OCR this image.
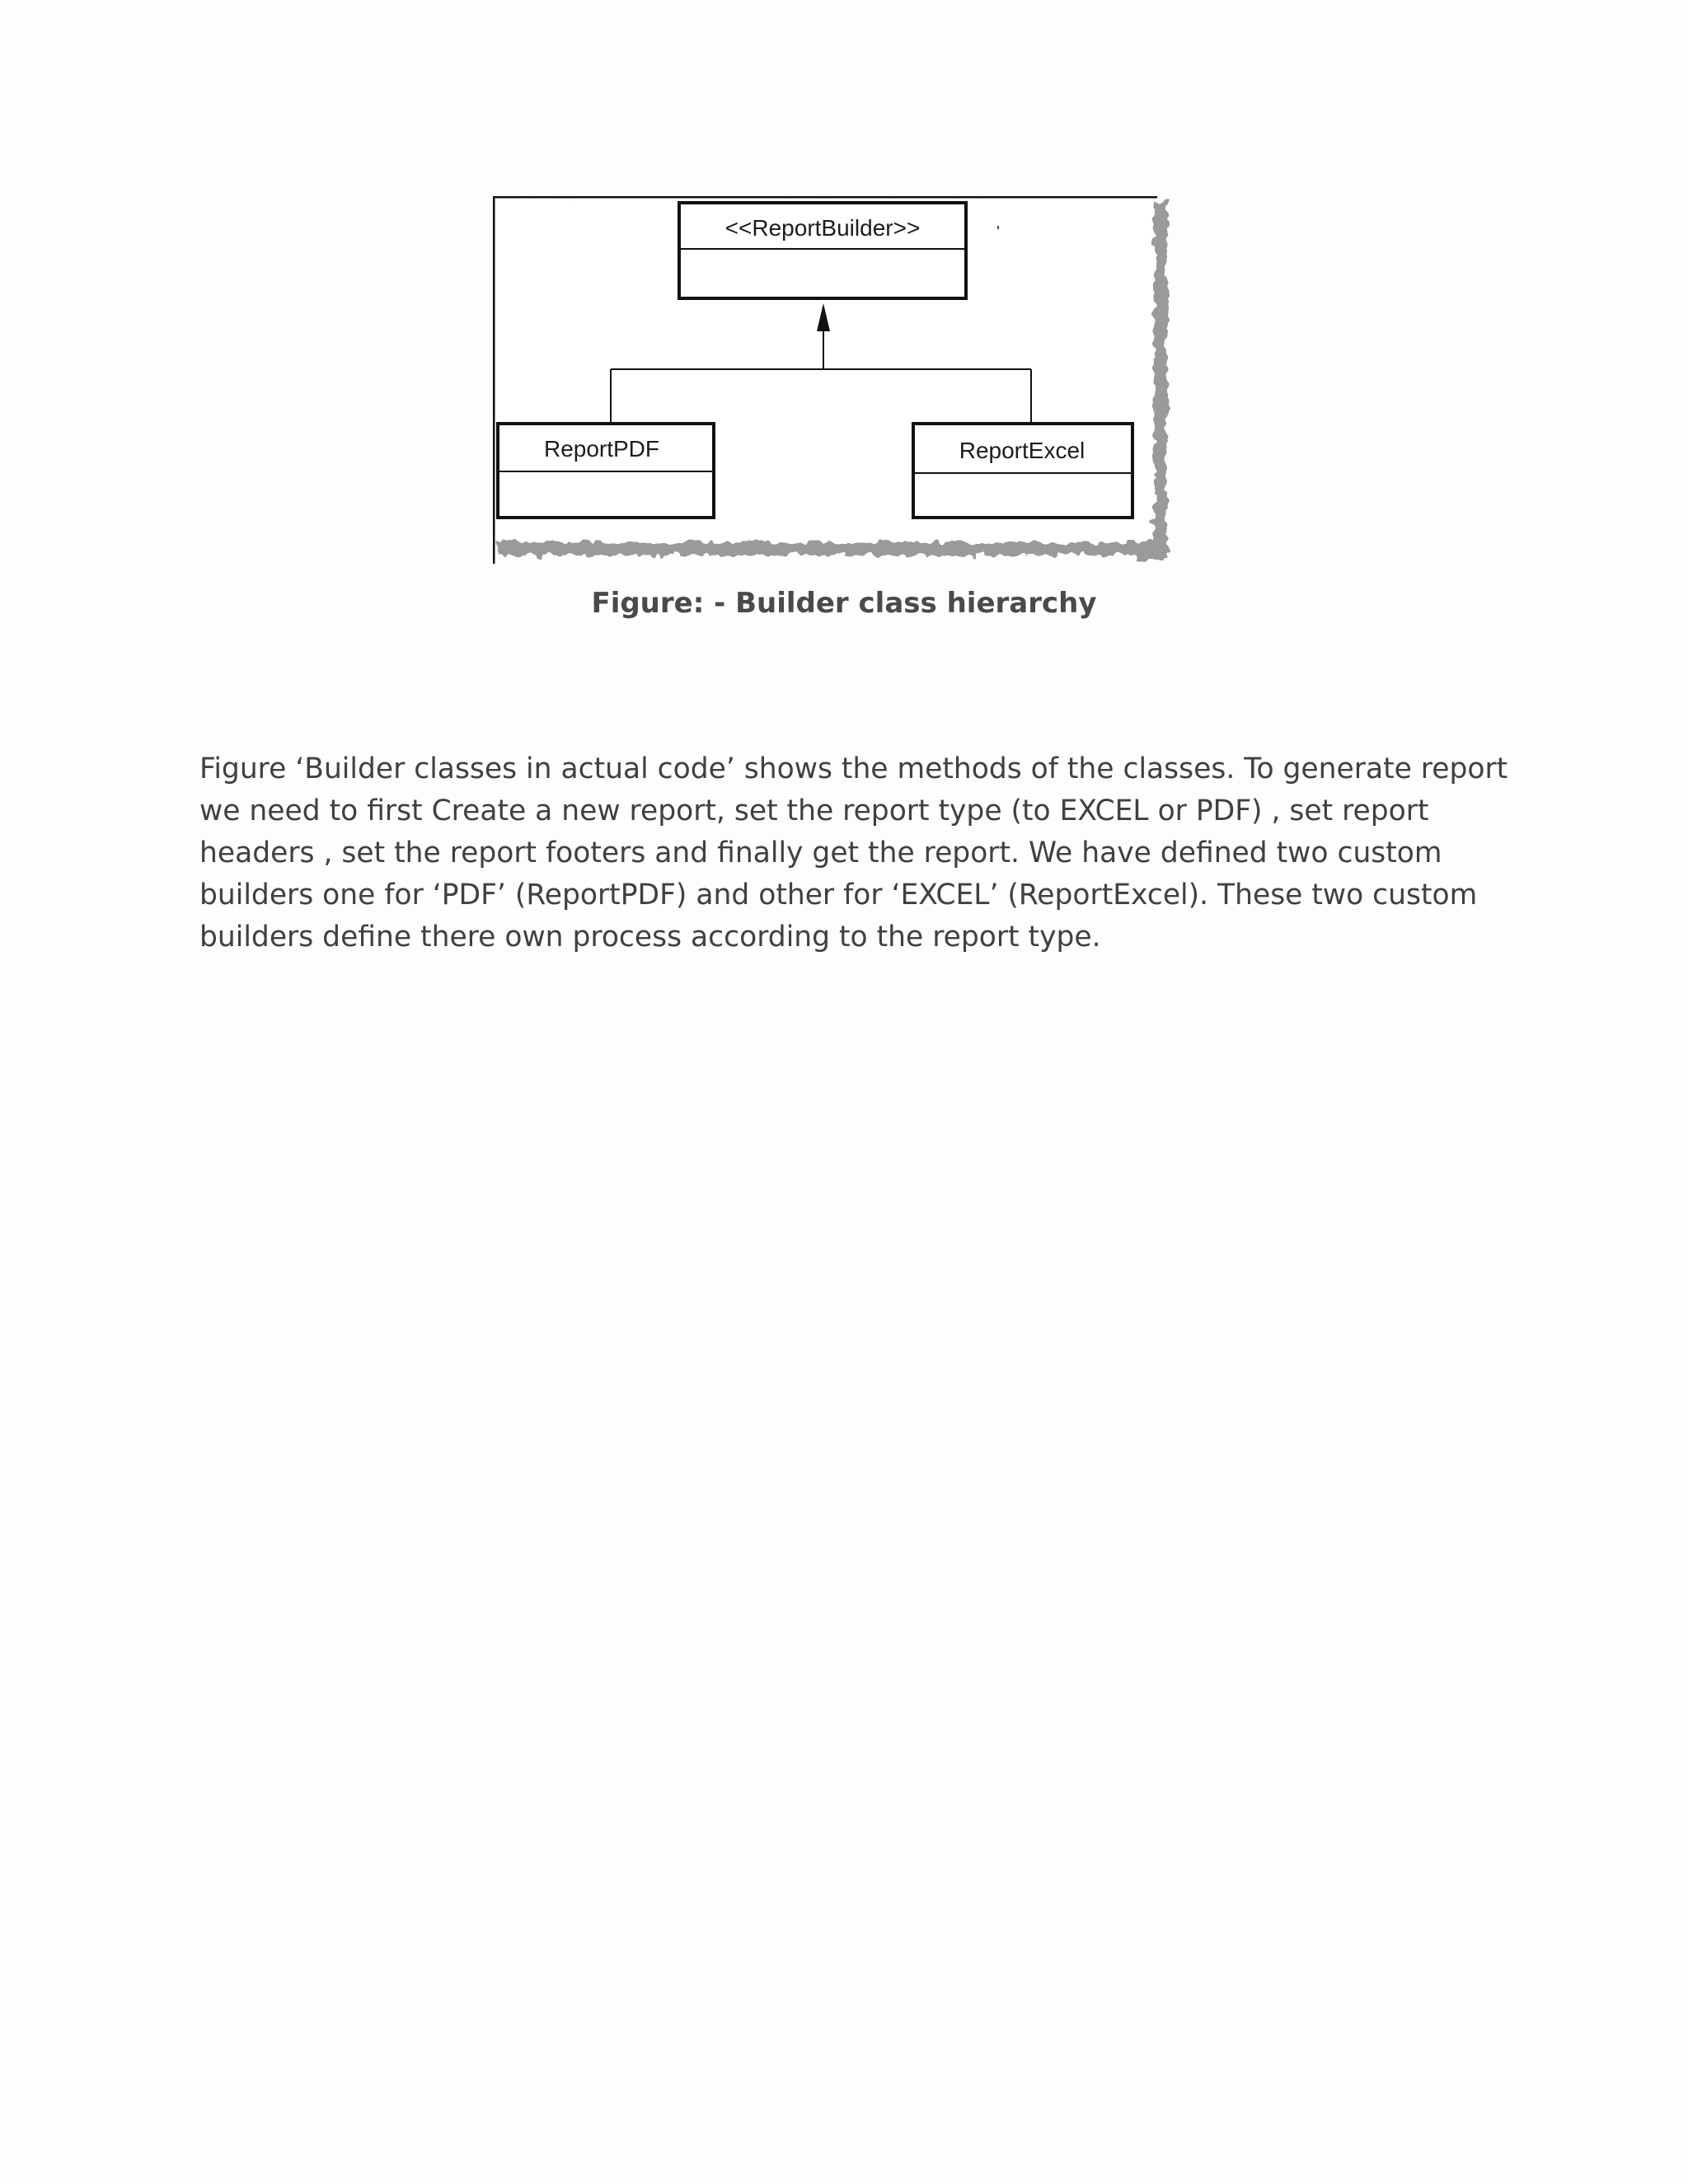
<<ReportBuilder>>
ReportPDF	ReportExcel
Figure: - Builder class hierarchy

Figure ‘Builder classes in actual code’ shows the methods of the classes. To generate report
we need to first Create a new report, set the report type (to EXCEL or PDF) , set report
headers , set the report footers and finally get the report. We have defined two custom
builders one for ‘PDF’ (ReportPDF) and other for ‘EXCEL’ (ReportExcel). These two custom
builders define there own process according to the report type.
